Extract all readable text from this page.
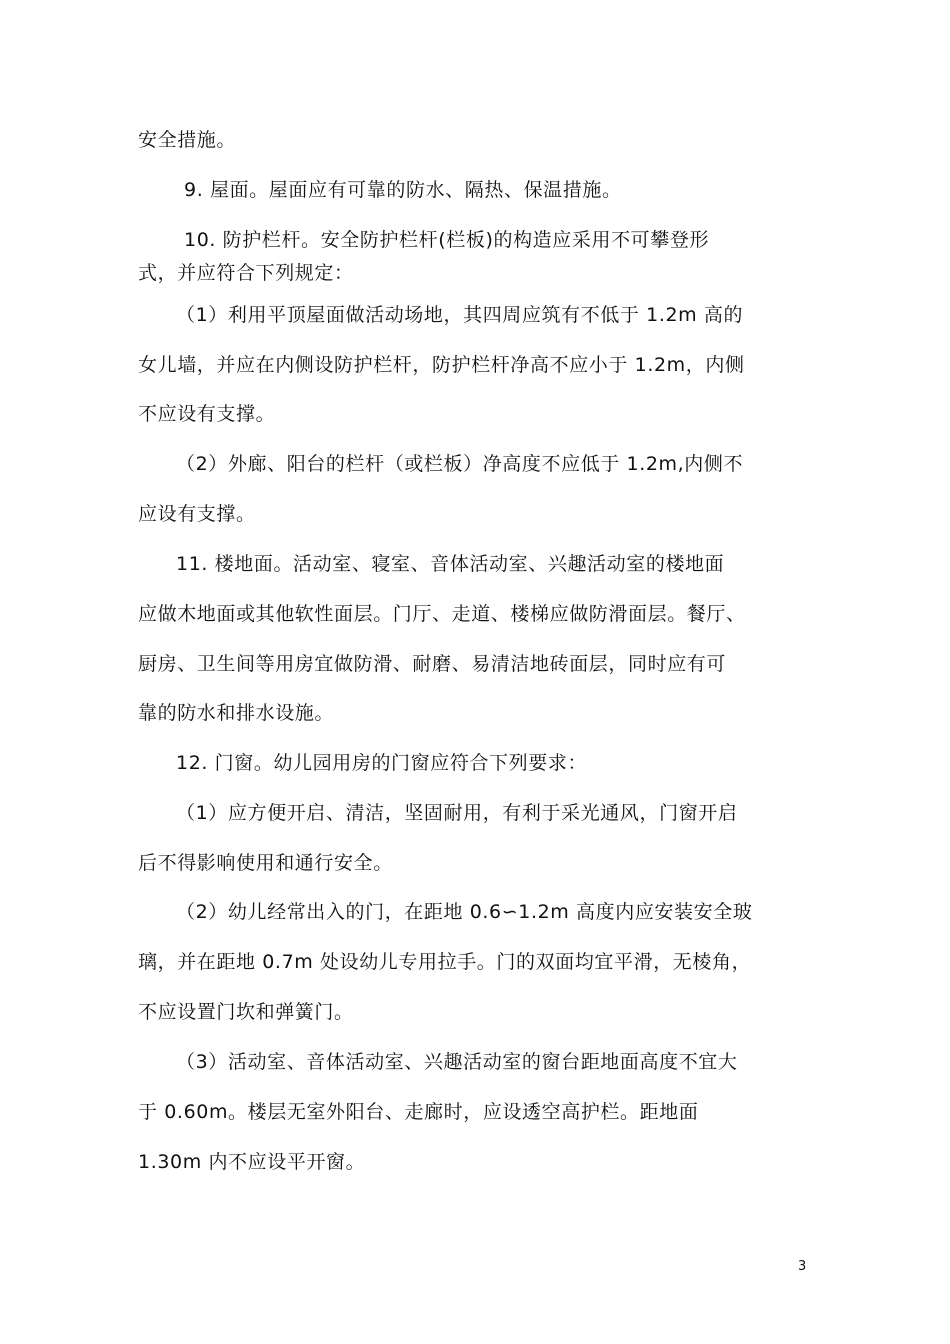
安全措施。

9. 屋面。屋面应有可靠的防水、隔热、保温措施。

10. 防护栏杆。安全防护栏杆(栏板)的构造应采用不可攀登形

式，并应符合下列规定：

（1）利用平顶屋面做活动场地，其四周应筑有不低于 1.2m 高的

女儿墙，并应在内侧设防护栏杆，防护栏杆净高不应小于 1.2m，内侧

不应设有支撑。

（2）外廊、阳台的栏杆（或栏板）净高度不应低于 1.2m,内侧不

应设有支撑。

11. 楼地面。活动室、寝室、音体活动室、兴趣活动室的楼地面

应做木地面或其他软性面层。门厅、走道、楼梯应做防滑面层。餐厅、

厨房、卫生间等用房宜做防滑、耐磨、易清洁地砖面层，同时应有可

靠的防水和排水设施。

12. 门窗。幼儿园用房的门窗应符合下列要求：

（1）应方便开启、清洁，坚固耐用，有利于采光通风，门窗开启

后不得影响使用和通行安全。

（2）幼儿经常出入的门，在距地 0.6∽1.2m 高度内应安装安全玻

璃，并在距地 0.7m 处设幼儿专用拉手。门的双面均宜平滑，无棱角，

不应设置门坎和弹簧门。

（3）活动室、音体活动室、兴趣活动室的窗台距地面高度不宜大

于 0.60m。楼层无室外阳台、走廊时，应设透空高护栏。距地面

1.30m 内不应设平开窗。

3
